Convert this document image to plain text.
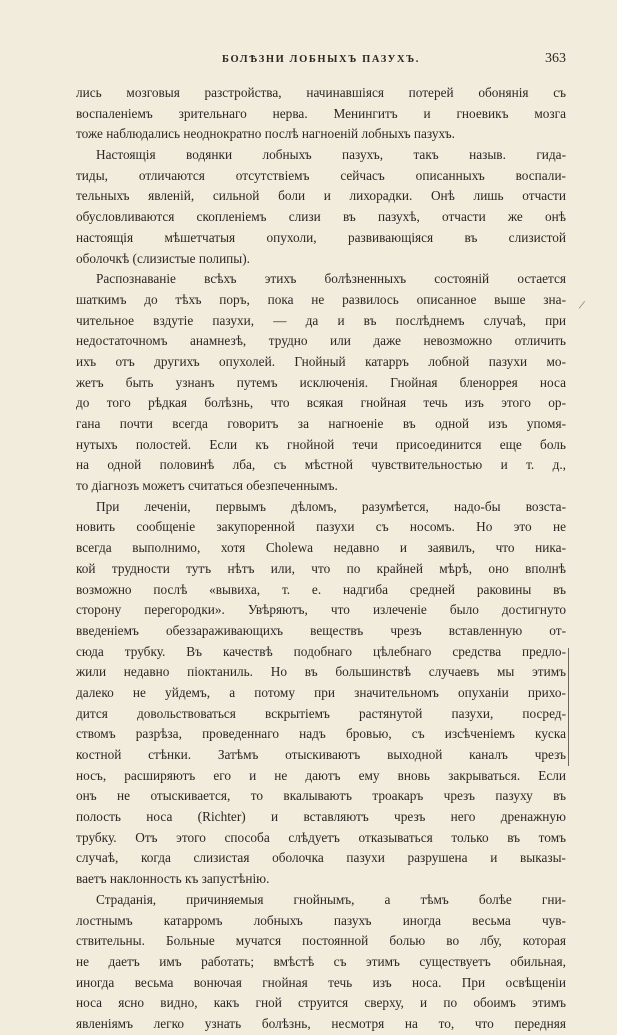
БОЛѢЗНИ ЛОБНЫХЪ ПАЗУХЪ.	363
лись мозговыя разстройства, начинавшіяся потерей обонянія съ
воспаленіемъ зрительнаго нерва. Менингитъ и гноевикъ мозга
тоже наблюдались неоднократно послѣ нагноеній лобныхъ пазухъ.
Настоящія водянки лобныхъ пазухъ, такъ назыв. гида-
тиды, отличаются отсутствіемъ сейчасъ описанныхъ воспали-
тельныхъ явленій, сильной боли и лихорадки. Онѣ лишь отчасти
обусловливаются скопленіемъ слизи въ пазухѣ, отчасти же онѣ
настоящія мѣшетчатыя опухоли, развивающіяся въ слизистой
оболочкѣ (слизистые полипы).
Распознаваніе всѣхъ этихъ болѣзненныхъ состояній остается
шаткимъ до тѣхъ поръ, пока не развилось описанное выше зна-
чительное вздутіе пазухи, — да и въ послѣднемъ случаѣ, при
недостаточномъ анамнезѣ, трудно или даже невозможно отличить
ихъ отъ другихъ опухолей. Гнойный катарръ лобной пазухи мо-
жетъ быть узнанъ путемъ исключенія. Гнойная бленоррея носа
до того рѣдкая болѣзнь, что всякая гнойная течь изъ этого ор-
гана почти всегда говоритъ за нагноеніе въ одной изъ упомя-
нутыхъ полостей. Если къ гнойной течи присоединится еще боль
на одной половинѣ лба, съ мѣстной чувствительностью и т. д.,
то діагнозъ можетъ считаться обезпеченнымъ.
При леченіи, первымъ дѣломъ, разумѣется, надо-бы возста-
новить сообщеніе закупоренной пазухи съ носомъ. Но это не
всегда выполнимо, хотя Cholewa недавно и заявилъ, что ника-
кой трудности тутъ нѣтъ или, что по крайней мѣрѣ, оно вполнѣ
возможно послѣ «вывиха, т. е. надгиба средней раковины въ
сторону перегородки». Увѣряютъ, что излеченіе было достигнуто
введеніемъ обеззараживающихъ веществъ чрезъ вставленную от-
сюда трубку. Въ качествѣ подобнаго цѣлебнаго средства предло-
жили недавно піоктаниль. Но въ большинствѣ случаевъ мы этимъ
далеко не уйдемъ, а потому при значительномъ опуханіи прихо-
дится довольствоваться вскрытіемъ растянутой пазухи, посред-
ствомъ разрѣза, проведеннаго надъ бровью, съ изсѣченіемъ куска
костной стѣнки. Затѣмъ отыскиваютъ выходной каналъ чрезъ
носъ, расширяютъ его и не даютъ ему вновь закрываться. Если
онъ не отыскивается, то вкалываютъ троакаръ чрезъ пазуху въ
полость носа (Richter) и вставляютъ чрезъ него дренажную
трубку. Отъ этого способа слѣдуетъ отказываться только въ томъ
случаѣ, когда слизистая оболочка пазухи разрушена и выказы-
ваетъ наклонность къ запустѣнію.
Страданія, причиняемыя гнойнымъ, а тѣмъ болѣе гни-
лостнымъ катарромъ лобныхъ пазухъ иногда весьма чув-
ствительны. Больные мучатся постоянной болью во лбу, которая
не даетъ имъ работать; вмѣстѣ съ этимъ существуетъ обильная,
иногда весьма вонючая гнойная течь изъ носа. При освѣщеніи
носа ясно видно, какъ гной струится сверху, и по обоимъ этимъ
явленіямъ легко узнать болѣзнь, несмотря на то, что передняя
/
